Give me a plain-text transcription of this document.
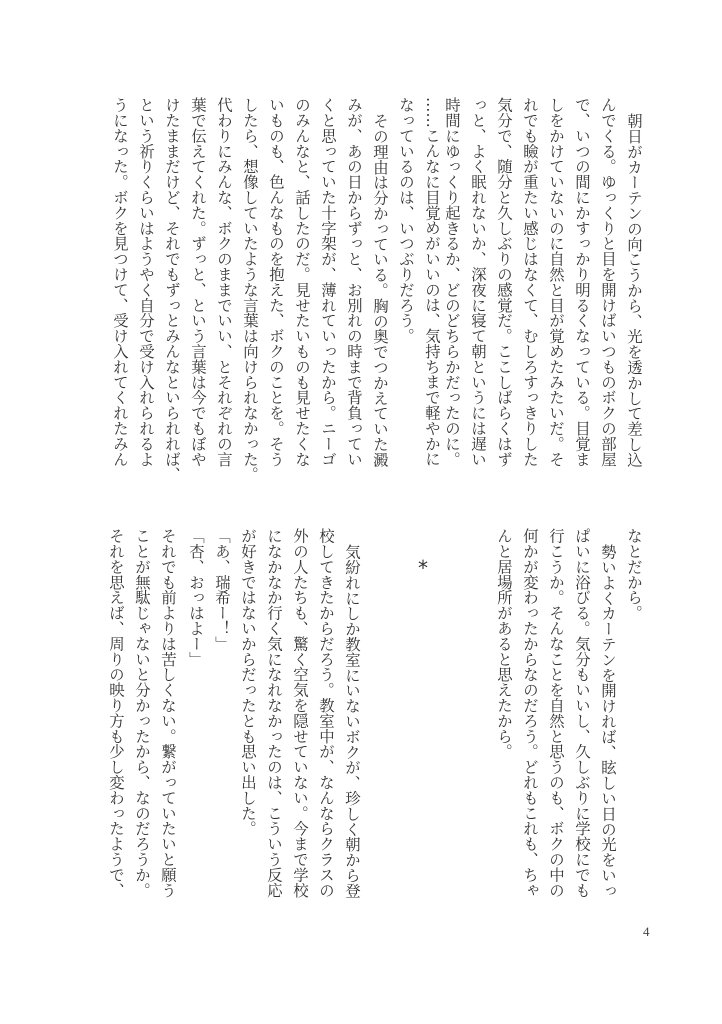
朝日がカーテンの向こうから、光を透かして差し込
んでくる。ゆっくりと目を開けばいつものボクの部屋
で、いつの間にかすっかり明るくなっている。目覚ま
しをかけていないのに自然と目が覚めたみたいだ。そ
れでも瞼が重たい感じはなくて、むしろすっきりした
気分で、随分と久しぶりの感覚だ。ここしばらくはず
っと、よく眠れないか、深夜に寝て朝というには遅い
時間にゆっくり起きるか、どのどちらかだったのに。
……こんなに目覚めがいいのは、気持ちまで軽やかに
なっているのは、いつぶりだろう。
その理由は分かっている。胸の奥でつかえていた澱
みが、あの日からずっと、お別れの時まで背負ってい
くと思っていた十字架が、薄れていったから。ニーゴ
のみんなと、話したのだ。見せたいものも見せたくな
いものも、色んなものを抱えた、ボクのことを。そう
したら、想像していたような言葉は向けられなかった。
代わりにみんな、ボクのままでいい、とそれぞれの言
葉で伝えてくれた。ずっと、という言葉は今でもぼや
けたままだけど、それでもずっとみんなといられれば、
という祈りくらいはようやく自分で受け入れられるよ
うになった。ボクを見つけて、受け入れてくれたみん
なとだから。
勢いよくカーテンを開ければ、眩しい日の光をいっ
ぱいに浴びる。気分もいいし、久しぶりに学校にでも
行こうか。そんなことを自然と思うのも、ボクの中の
何かが変わったからなのだろう。どれもこれも、ちゃ
んと居場所があると思えたから。
*
気紛れにしか教室にいないボクが、珍しく朝から登
校してきたからだろう。教室中が、なんならクラスの
外の人たちも、驚く空気を隠せていない。今まで学校
になかなか行く気になれなかったのは、こういう反応
が好きではないからだったとも思い出した。
「あ、瑞希ー！」
「杏、おっはよー」
それでも前よりは苦しくない。繋がっていたいと願う
ことが無駄じゃないと分かったから、なのだろうか。
それを思えば、周りの映り方も少し変わったようで、
4
